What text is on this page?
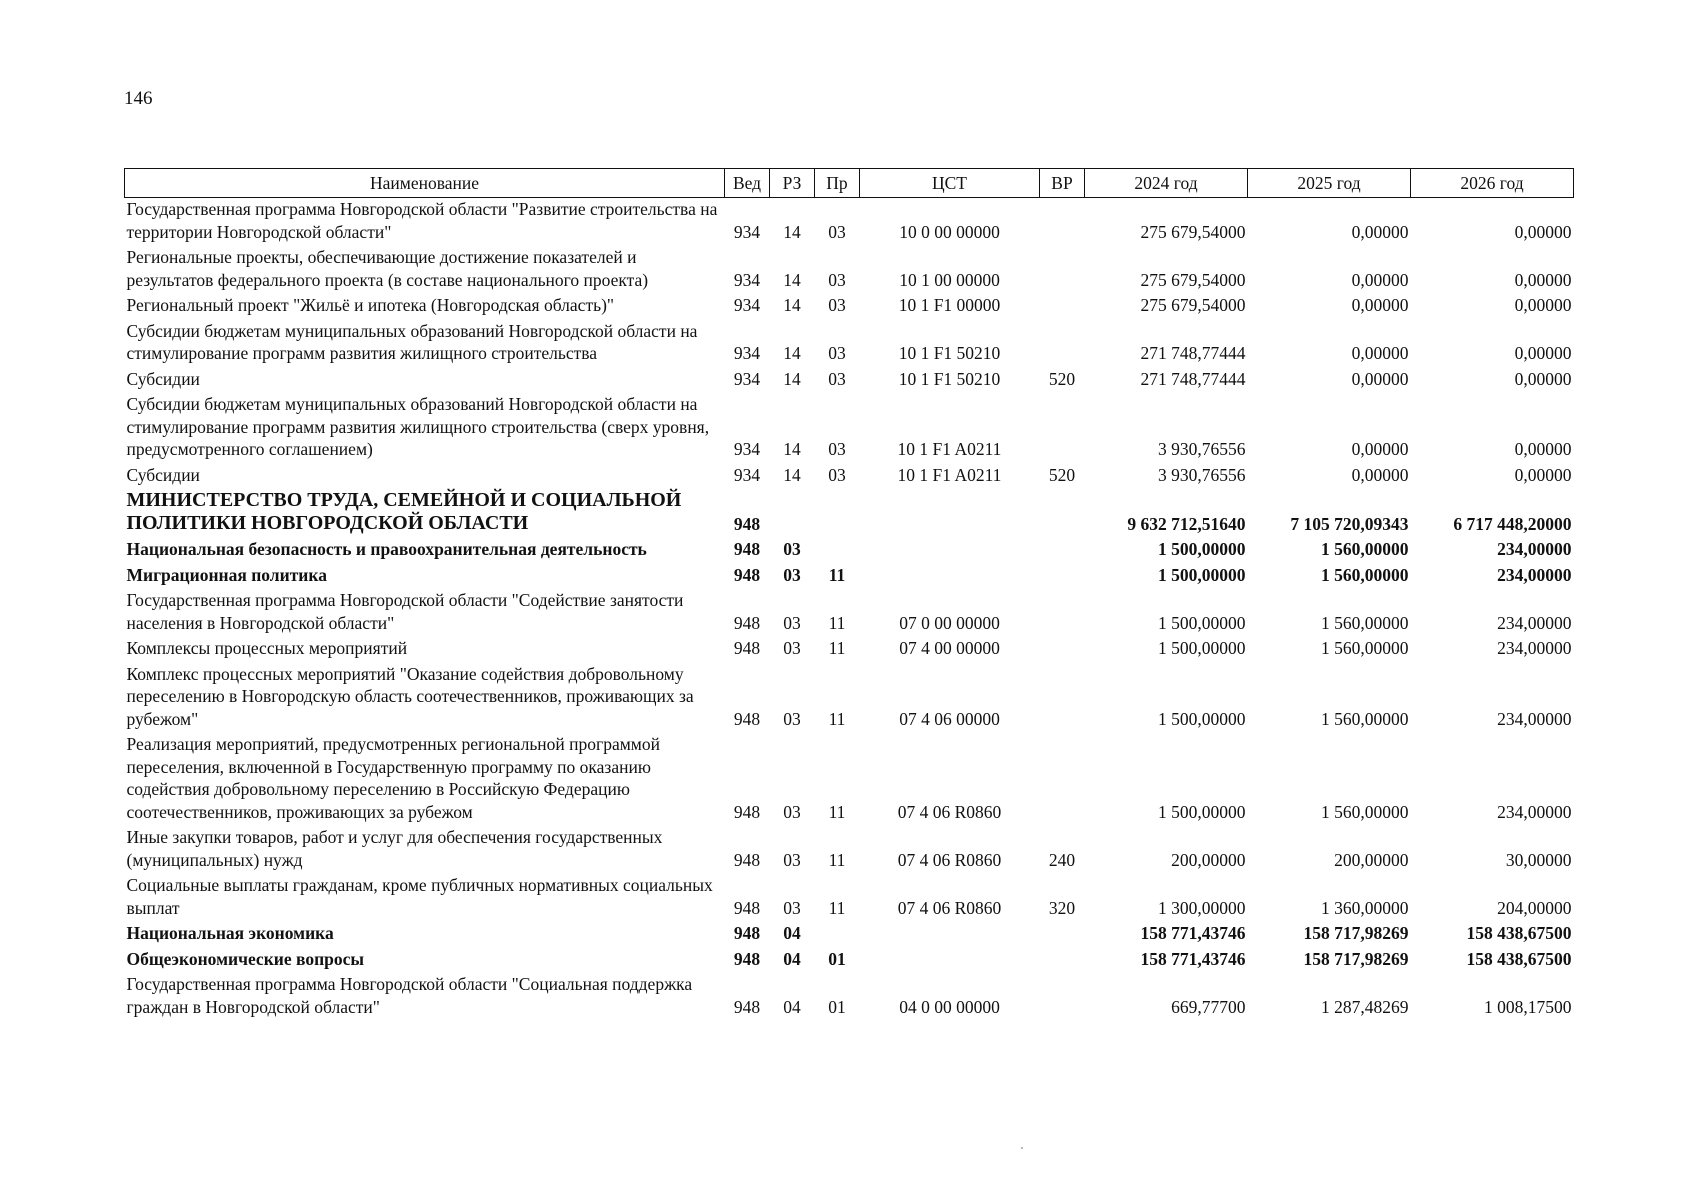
146
Наименование	Вед	РЗ	Пр	ЦСТ	ВР	2024 год	2025 год	2026 год
Государственная программа Новгородской области "Развитие строительства на территории Новгородской области"	934	14	03	10 0 00 00000		275 679,54000	0,00000	0,00000
Региональные проекты, обеспечивающие достижение показателей и результатов федерального проекта (в составе национального проекта)	934	14	03	10 1 00 00000		275 679,54000	0,00000	0,00000
Региональный проект "Жильё и ипотека (Новгородская область)"	934	14	03	10 1 F1 00000		275 679,54000	0,00000	0,00000
Субсидии бюджетам муниципальных образований Новгородской области на стимулирование программ развития жилищного строительства	934	14	03	10 1 F1 50210		271 748,77444	0,00000	0,00000
Субсидии	934	14	03	10 1 F1 50210	520	271 748,77444	0,00000	0,00000
Субсидии бюджетам муниципальных образований Новгородской области на стимулирование программ развития жилищного строительства (сверх уровня, предусмотренного соглашением)	934	14	03	10 1 F1 A0211		3 930,76556	0,00000	0,00000
Субсидии	934	14	03	10 1 F1 A0211	520	3 930,76556	0,00000	0,00000
МИНИСТЕРСТВО ТРУДА, СЕМЕЙНОЙ И СОЦИАЛЬНОЙ ПОЛИТИКИ НОВГОРОДСКОЙ ОБЛАСТИ	948					9 632 712,51640	7 105 720,09343	6 717 448,20000
Национальная безопасность и правоохранительная деятельность	948	03				1 500,00000	1 560,00000	234,00000
Миграционная политика	948	03	11			1 500,00000	1 560,00000	234,00000
Государственная программа Новгородской области "Содействие занятости населения в Новгородской области"	948	03	11	07 0 00 00000		1 500,00000	1 560,00000	234,00000
Комплексы процессных мероприятий	948	03	11	07 4 00 00000		1 500,00000	1 560,00000	234,00000
Комплекс процессных мероприятий "Оказание содействия добровольному переселению в Новгородскую область соотечественников, проживающих за рубежом"	948	03	11	07 4 06 00000		1 500,00000	1 560,00000	234,00000
Реализация мероприятий, предусмотренных региональной программой переселения, включенной в Государственную программу по оказанию содействия добровольному переселению в Российскую Федерацию соотечественников, проживающих за рубежом	948	03	11	07 4 06 R0860		1 500,00000	1 560,00000	234,00000
Иные закупки товаров, работ и услуг для обеспечения государственных (муниципальных) нужд	948	03	11	07 4 06 R0860	240	200,00000	200,00000	30,00000
Социальные выплаты гражданам, кроме публичных нормативных социальных выплат	948	03	11	07 4 06 R0860	320	1 300,00000	1 360,00000	204,00000
Национальная экономика	948	04				158 771,43746	158 717,98269	158 438,67500
Общеэкономические вопросы	948	04	01			158 771,43746	158 717,98269	158 438,67500
Государственная программа Новгородской области "Социальная поддержка граждан в Новгородской области"	948	04	01	04 0 00 00000		669,77700	1 287,48269	1 008,17500
